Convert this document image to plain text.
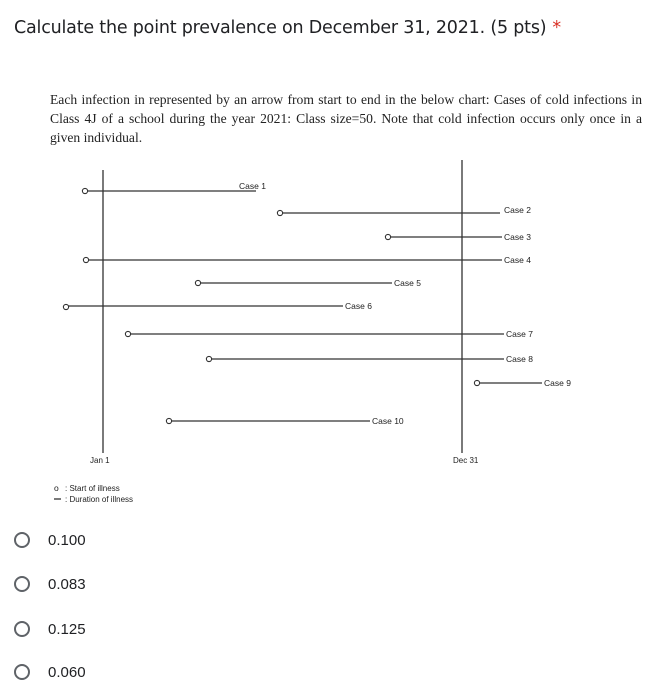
Calculate the point prevalence on December 31, 2021. (5 pts) *
Each infection in represented by an arrow from start to end in the below chart: Cases of cold infections in Class 4J of a school during the year 2021: Class size=50. Note that cold infection occurs only once in a given individual.
Case 1
Case 2
Case 3
Case 4
Case 5
Case 6
Case 7
Case 8
Case 9
Case 10
Jan 1	Dec 31
o : Start of illness
: Duration of illness
0.100
0.083
0.125
0.060
